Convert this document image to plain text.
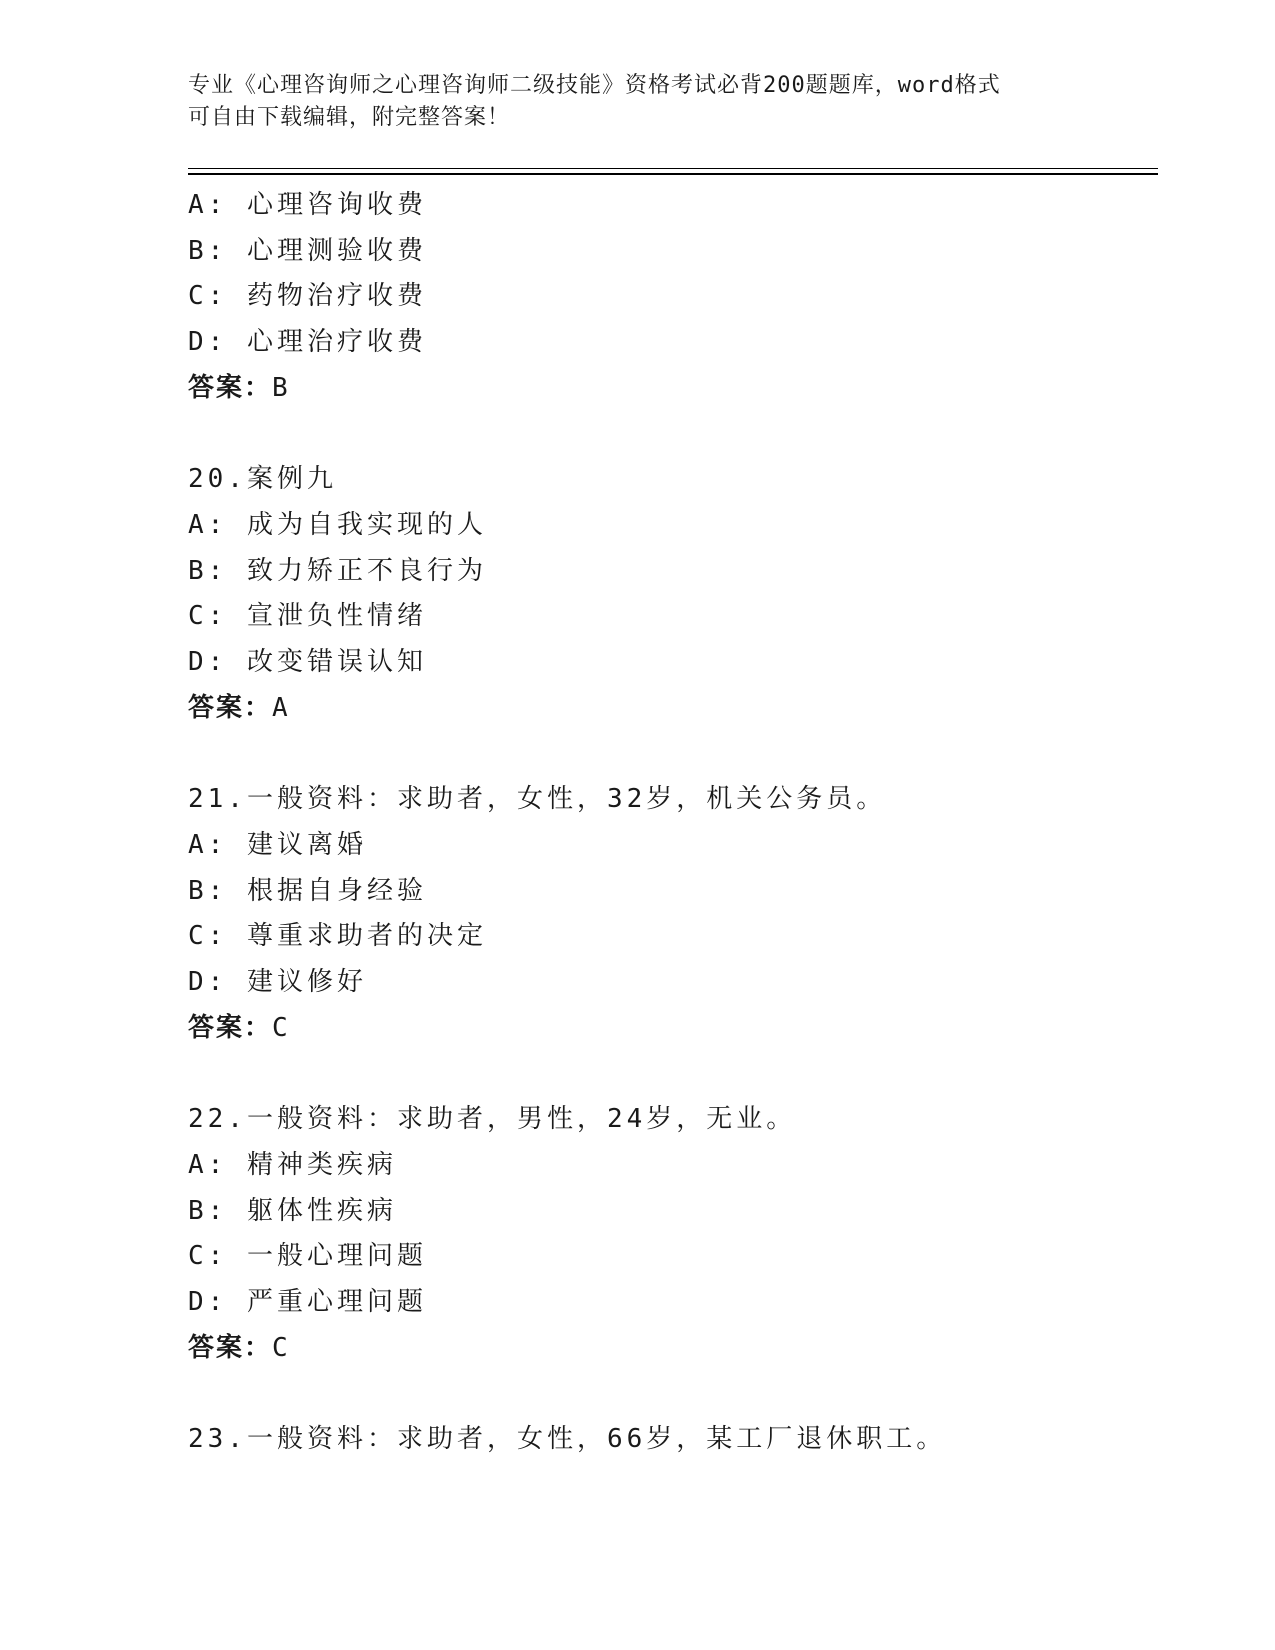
专业《心理咨询师之心理咨询师二级技能》资格考试必背200题题库，word格式
可自由下载编辑，附完整答案！
A: 心理咨询收费
B: 心理测验收费
C: 药物治疗收费
D: 心理治疗收费
答案：B
20.案例九
A: 成为自我实现的人
B: 致力矫正不良行为
C: 宣泄负性情绪
D: 改变错误认知
答案：A
21.一般资料：求助者，女性，32岁，机关公务员。
A: 建议离婚
B: 根据自身经验
C: 尊重求助者的决定
D: 建议修好
答案：C
22.一般资料：求助者，男性，24岁，无业。
A: 精神类疾病
B: 躯体性疾病
C: 一般心理问题
D: 严重心理问题
答案：C
23.一般资料：求助者，女性，66岁，某工厂退休职工。
